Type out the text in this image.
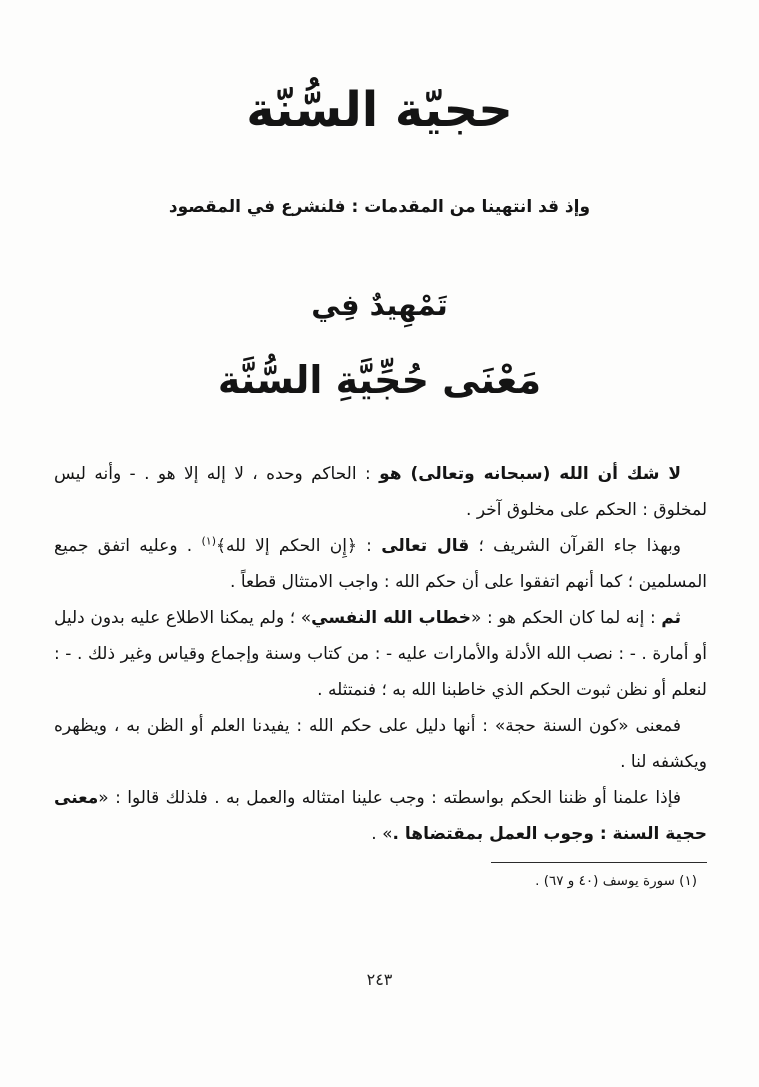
حجيّة السُّنّة
وإذ قد انتهينا من المقدمات : فلنشرع في المقصود
تَمْهِيدٌ فِي
مَعْنَى حُجِّيَّةِ السُّنَّة

لا شك أن الله (سبحانه وتعالى) هو : الحاكم وحده ، لا إله إلا هو . - وأنه ليس لمخلوق : الحكم على مخلوق آخر .

وبهذا جاء القرآن الشريف ؛ قال تعالى : ﴿إِن الحكم إلا لله﴾$^{(١)}$ . وعليه اتفق جميع المسلمين ؛ كما أنهم اتفقوا على أن حكم الله : واجب الامتثال قطعاً .

ثم : إنه لما كان الحكم هو : «خطاب الله النفسي» ؛ ولم يمكنا الاطلاع عليه بدون دليل أو أمارة . - : نصب الله الأدلة والأمارات عليه - : من كتاب وسنة وإجماع وقياس وغير ذلك . - : لنعلم أو نظن ثبوت الحكم الذي خاطبنا الله به ؛ فنمتثله .

فمعنى «كون السنة حجة» : أنها دليل على حكم الله : يفيدنا العلم أو الظن به ، ويظهره ويكشفه لنا .

فإذا علمنا أو ظننا الحكم بواسطته : وجب علينا امتثاله والعمل به . فلذلك قالوا : «معنى حجية السنة : وجوب العمل بمقتضاها .» .

(١) سورة يوسف (٤٠ و ٦٧) .
٢٤٣
